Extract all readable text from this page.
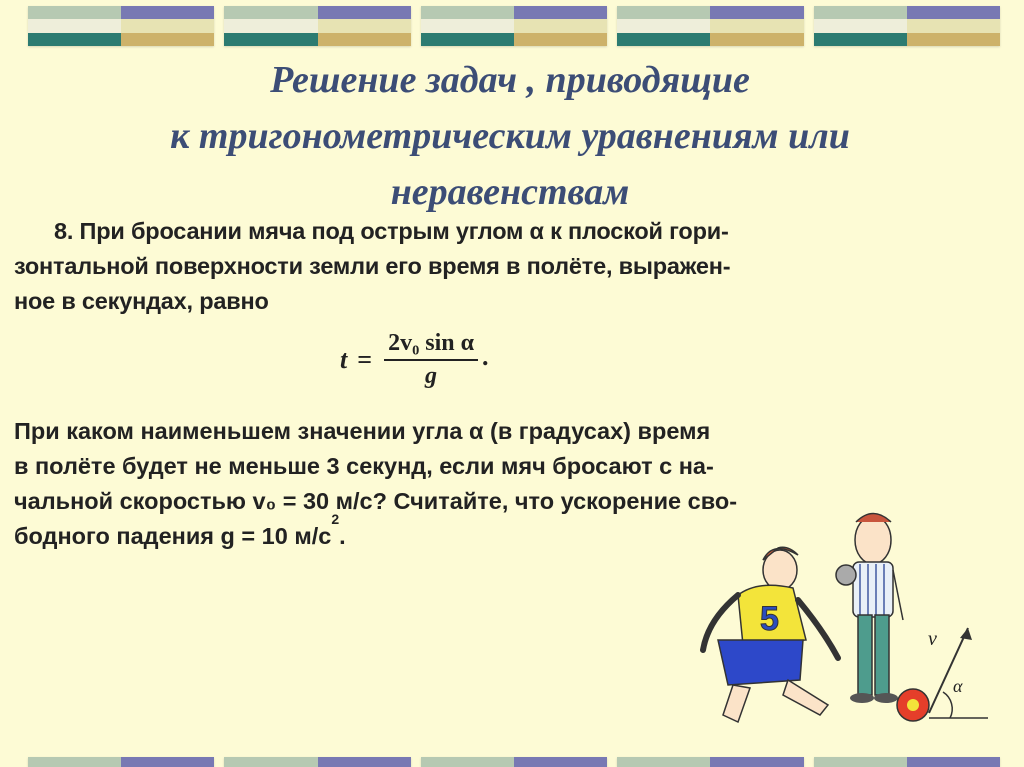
Решение задач , приводящие
к тригонометрическим уравнениям или
неравенствам
8. При бросании мяча под острым углом α к плоской гори-
зонтальной поверхности земли его время в полёте, выражен-
ное в секундах, равно
$t = \frac{\text{2v₀ sin α}}{g}$ .
При каком наименьшем значении угла α (в градусах) время
в полёте будет не меньше 3 секунд, если мяч бросают с на-
чальной скоростью v₀ = 30 м/с? Считайте, что ускорение сво-
бодного падения g = 10 м/с
2
.
5
v
α
